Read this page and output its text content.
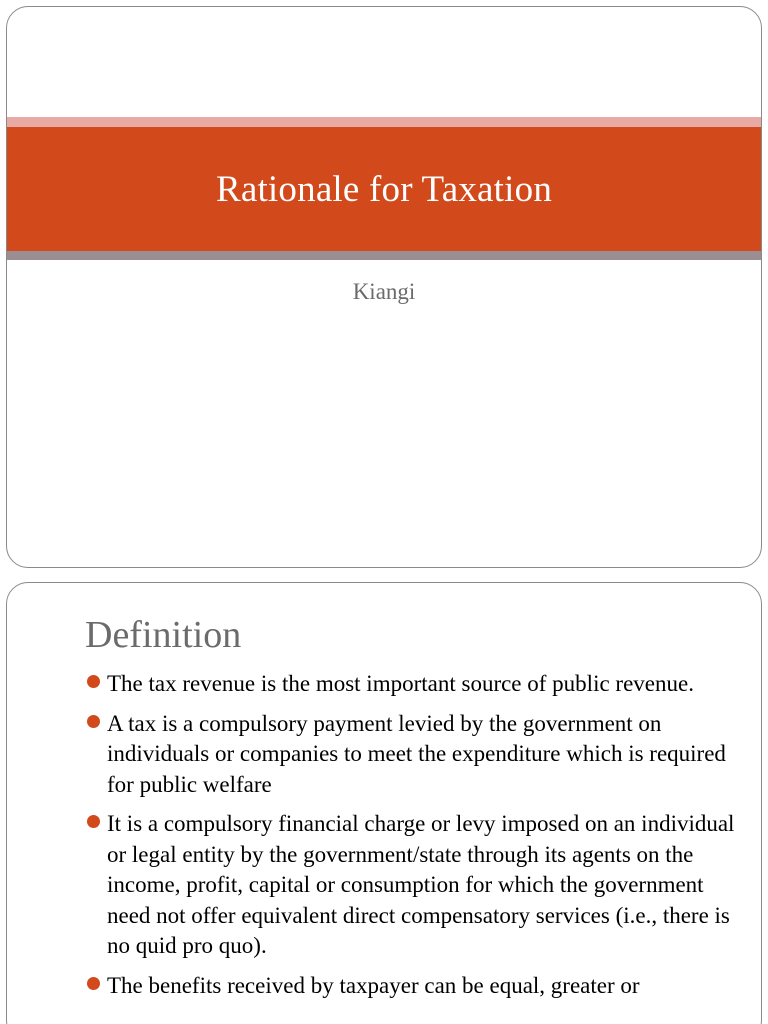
Rationale for Taxation
Kiangi
Definition
The tax revenue is the most important source of public revenue.
A tax is a compulsory payment levied by the government on individuals or companies to meet the expenditure which is required for public welfare
It is a compulsory financial charge or levy imposed on an individual or legal entity by the government/state through its agents on the income, profit, capital or consumption for which the government need not offer equivalent direct compensatory services (i.e., there is no quid pro quo).
The benefits received by taxpayer can be equal, greater or
